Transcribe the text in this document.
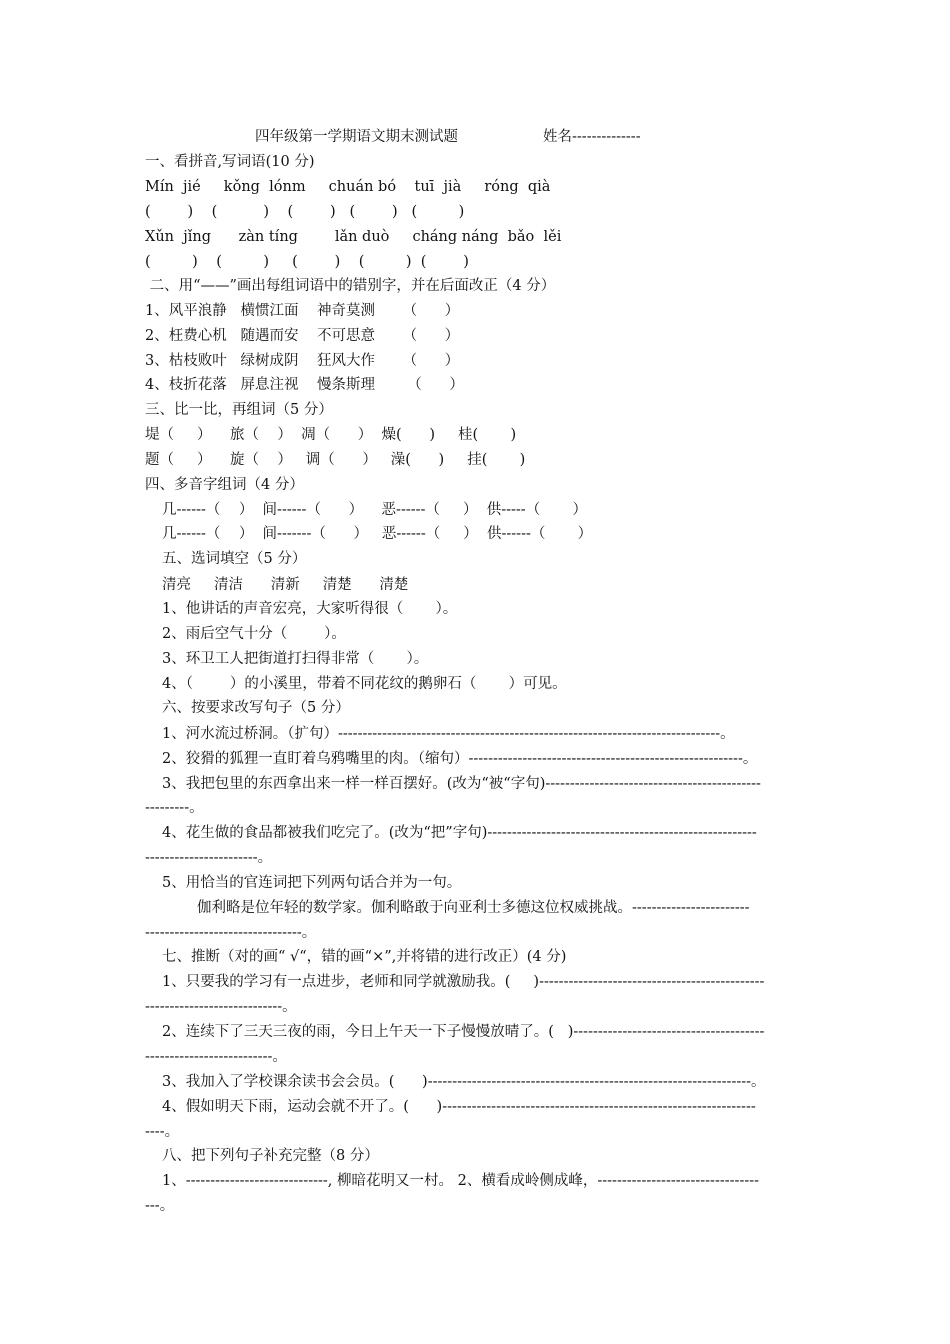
四年级第一学期语文期末测试题	姓名--------------
一、看拼音,写词语(10 分)
Mín  jié     kǒng  lónm     chuán bó    tuī  jià     róng  qià
(        )    (          )    (        )   (        )   (         )
Xǔn  jǐng      zàn tíng        lǎn duò     cháng náng  bǎo  lěi
(         )    (         )     (        )    (         )  (        )
二、用“——”画出每组词语中的错别字，并在后面改正（4 分）
1、风平浪静   横惯江面    神奇莫测      （      ）
2、枉费心机   随遇而安    不可思意      （      ）
3、枯枝败叶   绿树成阴    狂风大作      （      ）
4、枝折花落   屏息注视    慢条斯理       （      ）
三、比一比，再组词（5 分）
堤（     ）    旅（    ）  凋（      ）  燥(      )     桂(       )
题（     ）    旋（    ）   调（      ）   澡(      )     挂(       )
四、多音字组词（4 分）
几------（    ）  间------（      ）    恶------（     ）  供-----（       ）
几------（    ）  间-------（      ）   恶------（     ）  供------（       ）
五、选词填空（5 分）
清亮     清洁      清新     清楚      清楚
1、他讲话的声音宏亮，大家听得很（       ）。
2、雨后空气十分（        ）。
3、环卫工人把街道打扫得非常（       ）。
4、（        ）的小溪里，带着不同花纹的鹅卵石（       ）可见。
六、按要求改写句子（5 分）
1、河水流过桥洞。（扩句）------------------------------------------------------------------------------。
2、狡猾的狐狸一直盯着乌鸦嘴里的肉。（缩句）--------------------------------------------------------。
3、我把包里的东西拿出来一样一样百摆好。(改为“被“字句)--------------------------------------------
---------。
4、花生做的食品都被我们吃完了。(改为“把”字句)-------------------------------------------------------
-----------------------。
5、用恰当的官连词把下列两句话合并为一句。
伽利略是位年轻的数学家。伽利略敢于向亚利士多德这位权威挑战。------------------------
--------------------------------。
七、推断（对的画“ √“，错的画“×”,并将错的进行改正）(4 分)
1、只要我的学习有一点进步，老师和同学就激励我。(     )----------------------------------------------
----------------------------。
2、连续下了三天三夜的雨，今日上午天一下子慢慢放晴了。(   )---------------------------------------
--------------------------。
3、我加入了学校课余读书会会员。(      )------------------------------------------------------------------。
4、假如明天下雨，运动会就不开了。(      )----------------------------------------------------------------
----。
八、把下列句子补充完整（8 分）
1、-----------------------------, 柳暗花明又一村。 2、横看成岭侧成峰，---------------------------------
---。
